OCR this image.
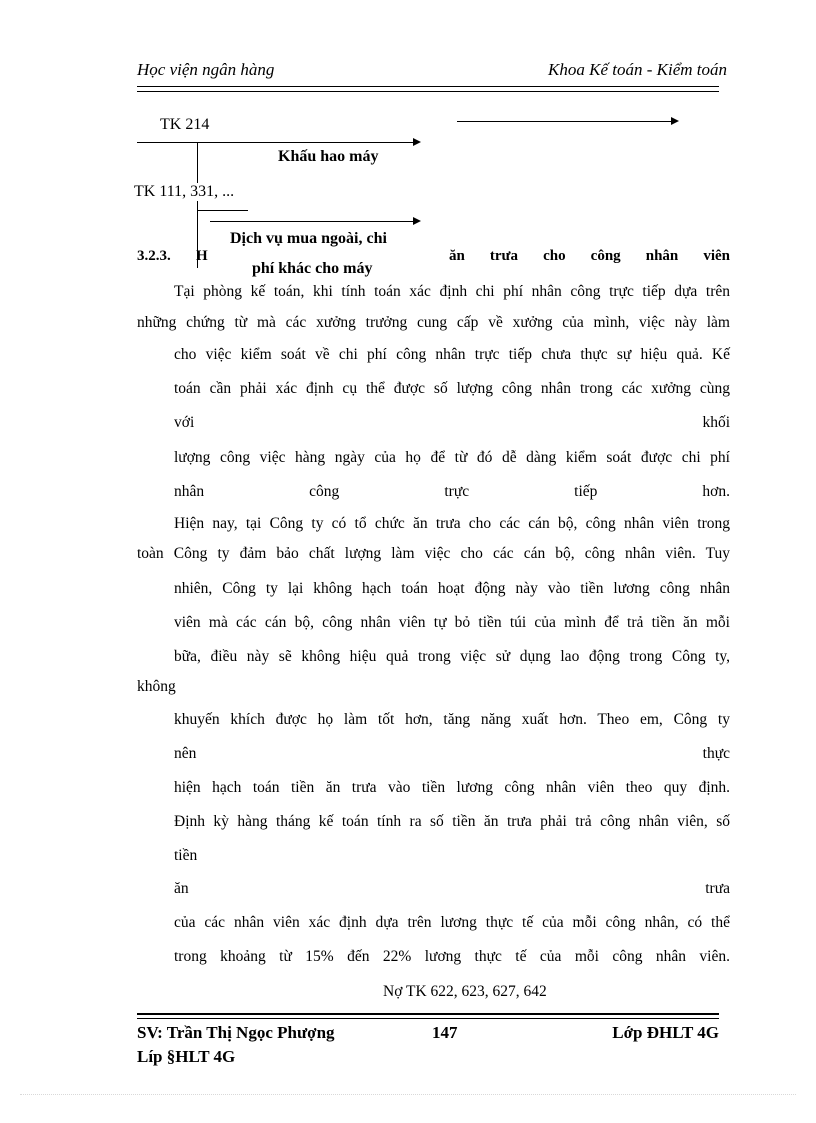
Học viện ngân hàng	Khoa Kế toán - Kiểm toán
TK 214
Khấu hao máy
TK 111, 331, ...
3.2.3. H	ăn trưa cho công nhân viên
Dịch vụ mua ngoài, chi
phí khác cho máy
Tại phòng kế toán, khi tính toán xác định chi phí nhân công trực tiếp dựa trên
những chứng từ mà các xưởng trưởng cung cấp về xưởng của mình, việc này làm
cho việc kiểm soát về chi phí công nhân trực tiếp chưa thực sự hiệu quả. Kế
toán cần phải xác định cụ thể được số lượng công nhân trong các xưởng cùng
với khối
lượng công việc hàng ngày của họ để từ đó dễ dàng kiểm soát được chi phí
nhân công trực tiếp hơn.
Hiện nay, tại Công ty có tổ chức ăn trưa cho các cán bộ, công nhân viên trong
toàn Công ty đảm bảo chất lượng làm việc cho các cán bộ, công nhân viên. Tuy
nhiên, Công ty lại không hạch toán hoạt động này vào tiền lương công nhân
viên mà các cán bộ, công nhân viên tự bỏ tiền túi của mình để trả tiền ăn mỗi
bữa, điều này sẽ không hiệu quả trong việc sử dụng lao động trong Công ty,
không
khuyến khích được họ làm tốt hơn, tăng năng xuất hơn. Theo em, Công ty
nên thực
hiện hạch toán tiền ăn trưa vào tiền lương công nhân viên theo quy định.
Định kỳ hàng tháng kế toán tính ra số tiền ăn trưa phải trả công nhân viên, số
tiền
ăn trưa
của các nhân viên xác định dựa trên lương thực tế của mỗi công nhân, có thể
trong khoảng từ 15% đến 22% lương thực tế của mỗi công nhân viên.
Nợ TK 622, 623, 627, 642
SV: Trần Thị Ngọc Phượng	147	Lớp ĐHLT 4G
Líp §HLT 4G
